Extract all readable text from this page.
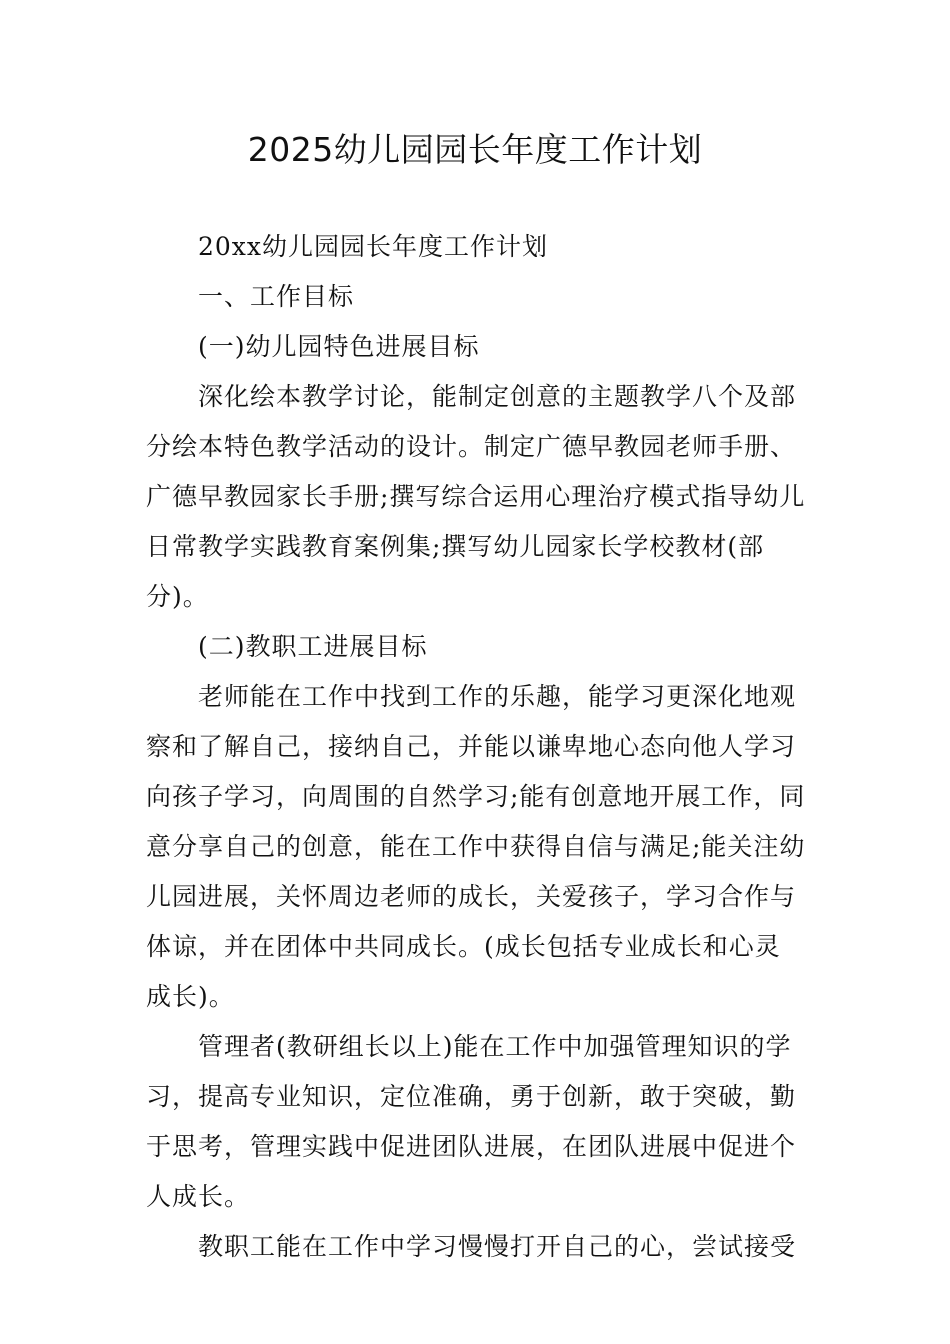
2025幼儿园园长年度工作计划

20xx幼儿园园长年度工作计划

一、工作目标

(一)幼儿园特色进展目标

深化绘本教学讨论，能制定创意的主题教学八个及部分绘本特色教学活动的设计。制定广德早教园老师手册、广德早教园家长手册;撰写综合运用心理治疗模式指导幼儿日常教学实践教育案例集;撰写幼儿园家长学校教材(部分)。

(二)教职工进展目标

老师能在工作中找到工作的乐趣，能学习更深化地观察和了解自己，接纳自己，并能以谦卑地心态向他人学习向孩子学习，向周围的自然学习;能有创意地开展工作，同意分享自己的创意，能在工作中获得自信与满足;能关注幼儿园进展，关怀周边老师的成长，关爱孩子，学习合作与体谅，并在团体中共同成长。(成长包括专业成长和心灵成长)。

管理者(教研组长以上)能在工作中加强管理知识的学习，提高专业知识，定位准确，勇于创新，敢于突破，勤于思考，管理实践中促进团队进展，在团队进展中促进个人成长。

教职工能在工作中学习慢慢打开自己的心，尝试接受
